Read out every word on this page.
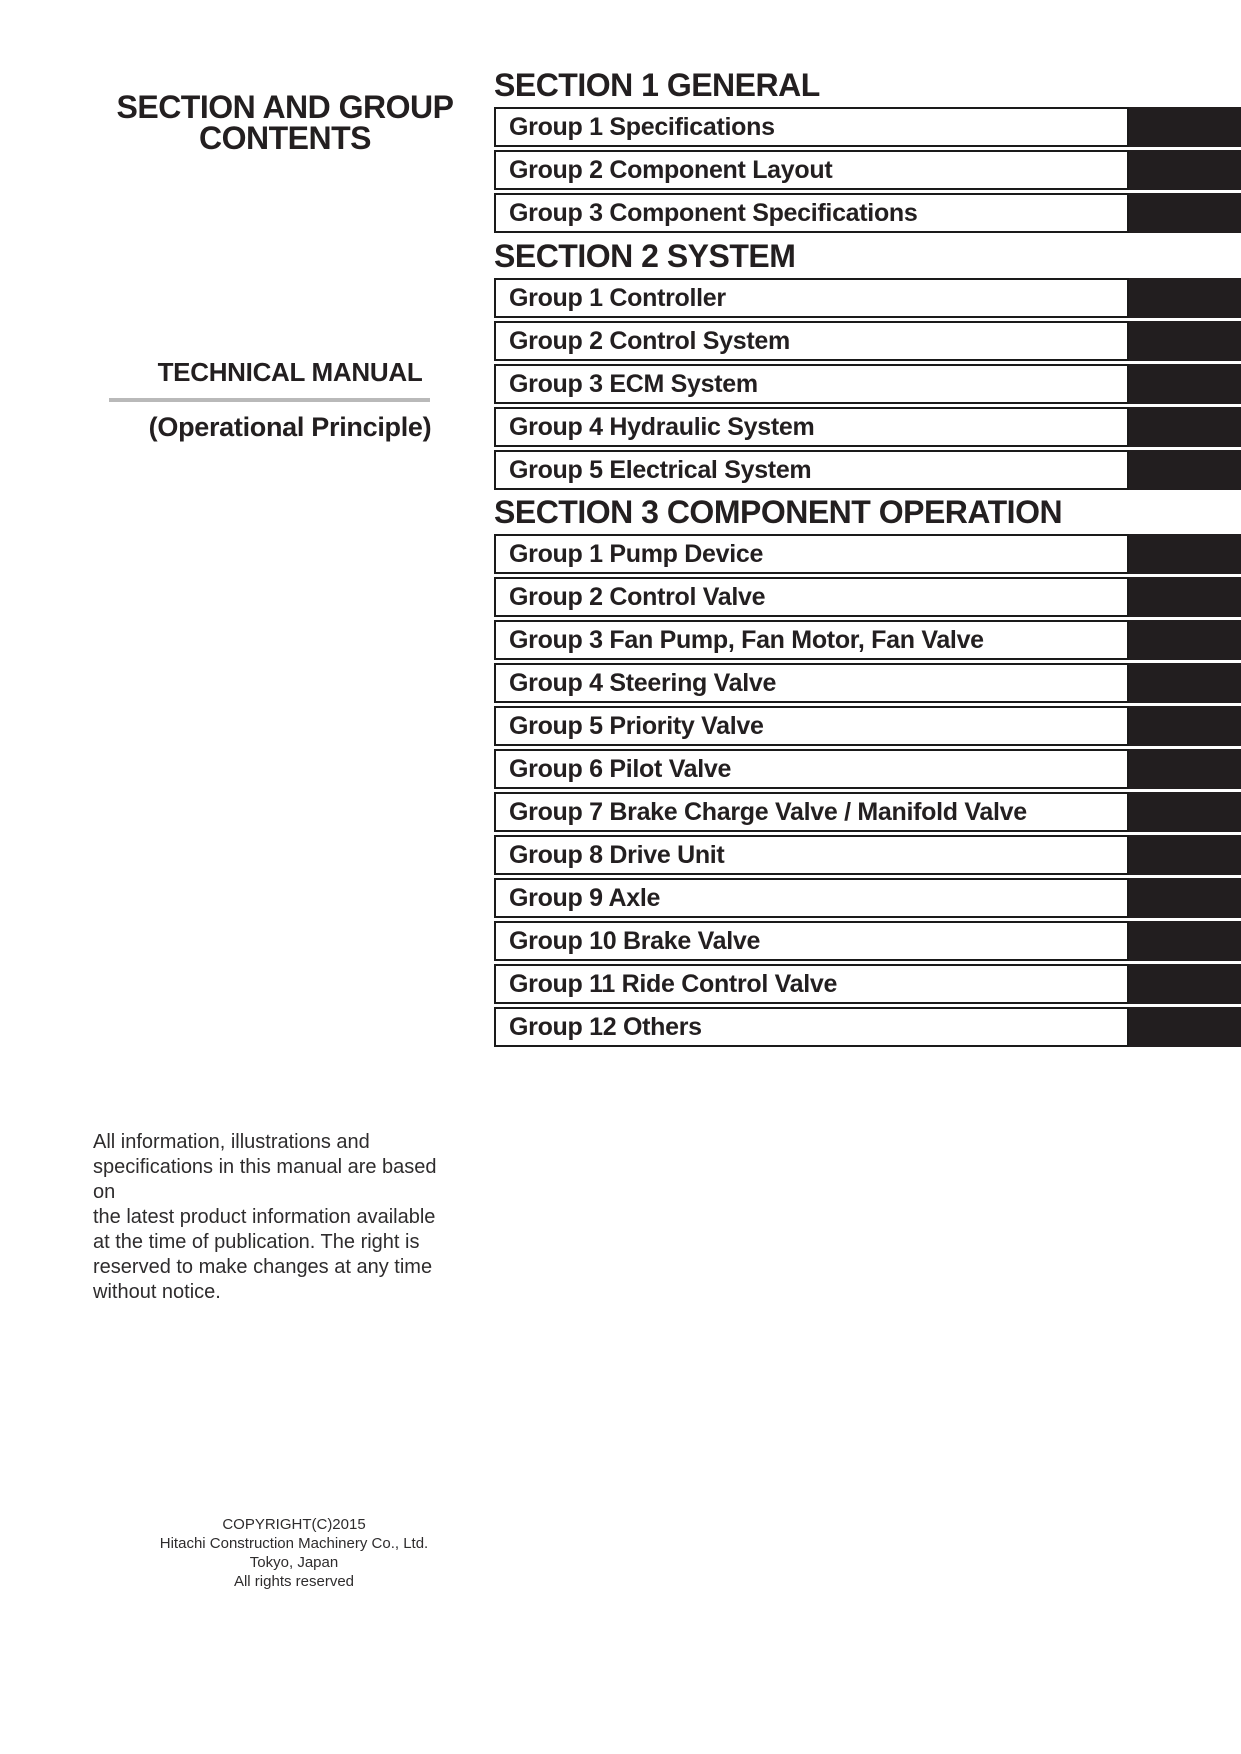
SECTION AND GROUP
CONTENTS
TECHNICAL MANUAL
(Operational Principle)
All information, illustrations and
specifications in this manual are based on
the latest product information available
at the time of publication. The right is
reserved to make changes at any time
without notice.
COPYRIGHT(C)2015
Hitachi Construction Machinery Co., Ltd.
Tokyo, Japan
All rights reserved
SECTION 1 GENERAL
Group 1 Specifications
Group 2 Component Layout
Group 3 Component Specifications
SECTION 2 SYSTEM
Group 1 Controller
Group 2 Control System
Group 3 ECM System
Group 4 Hydraulic System
Group 5 Electrical System
SECTION 3 COMPONENT OPERATION
Group 1 Pump Device
Group 2 Control Valve
Group 3 Fan Pump, Fan Motor, Fan Valve
Group 4 Steering Valve
Group 5 Priority Valve
Group 6 Pilot Valve
Group 7 Brake Charge Valve / Manifold Valve
Group 8 Drive Unit
Group 9 Axle
Group 10 Brake Valve
Group 11 Ride Control Valve
Group 12 Others
